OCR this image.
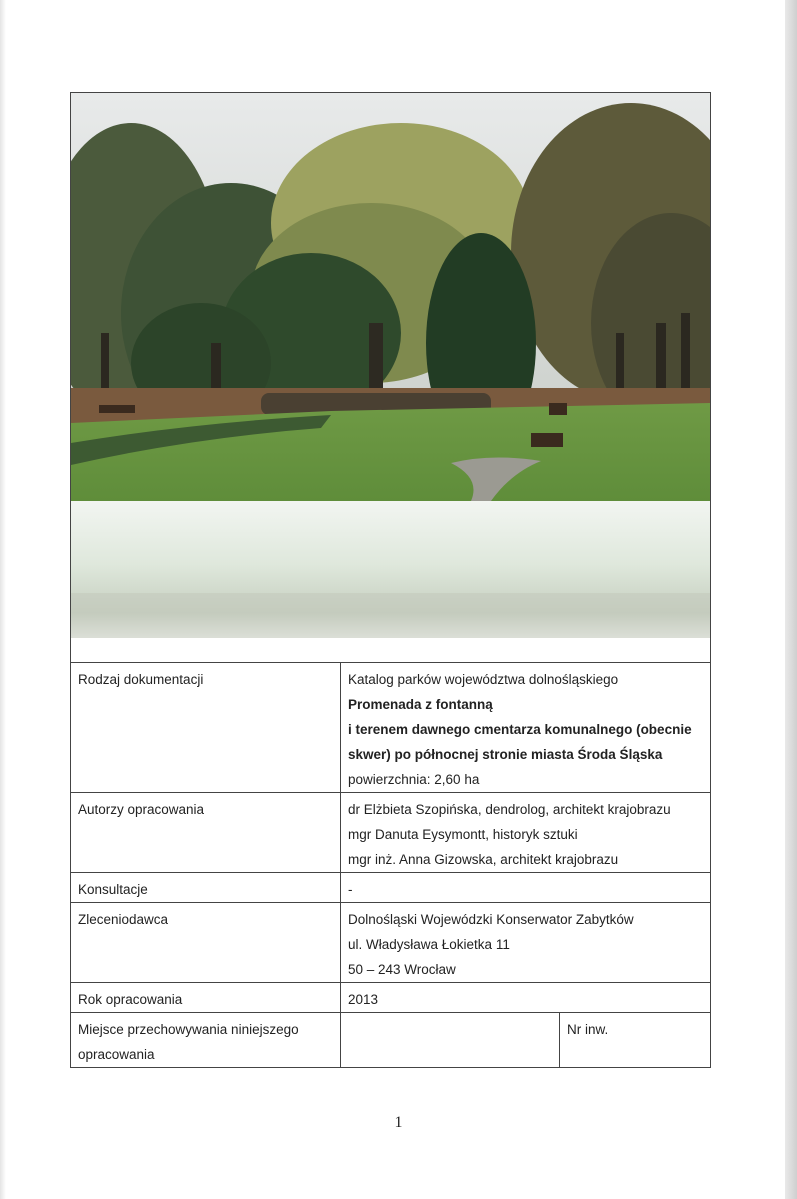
Rodzaj dokumentacji	Katalog parków województwa dolnośląskiego
Promenada z fontanną
i terenem dawnego cmentarza komunalnego (obecnie
skwer) po północnej stronie miasta Środa Śląska
powierzchnia: 2,60 ha	

Autorzy opracowania	dr Elżbieta Szopińska, dendrolog, architekt krajobrazu
mgr Danuta Eysymontt, historyk sztuki
mgr inż. Anna Gizowska, architekt krajobrazu	

Konsultacje	-	

Zleceniodawca	Dolnośląski Wojewódzki Konserwator Zabytków
ul. Władysława Łokietka 11
50 – 243 Wrocław	

Rok opracowania	2013	

Miejsce przechowywania niniejszego
opracowania		Nr inw.
1
